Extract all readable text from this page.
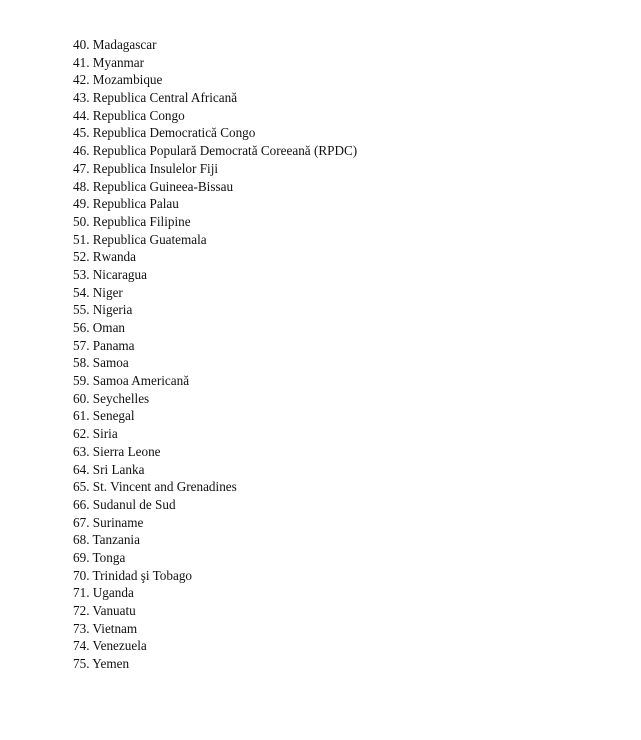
40. Madagascar
41. Myanmar
42. Mozambique
43. Republica Central Africană
44. Republica Congo
45. Republica Democratică Congo
46. Republica Populară Democrată Coreeană (RPDC)
47. Republica Insulelor Fiji
48. Republica Guineea-Bissau
49. Republica Palau
50. Republica Filipine
51. Republica Guatemala
52. Rwanda
53. Nicaragua
54. Niger
55. Nigeria
56. Oman
57. Panama
58. Samoa
59. Samoa Americană
60. Seychelles
61. Senegal
62. Siria
63. Sierra Leone
64. Sri Lanka
65. St. Vincent and Grenadines
66. Sudanul de Sud
67. Suriname
68. Tanzania
69. Tonga
70. Trinidad şi Tobago
71. Uganda
72. Vanuatu
73. Vietnam
74. Venezuela
75. Yemen
